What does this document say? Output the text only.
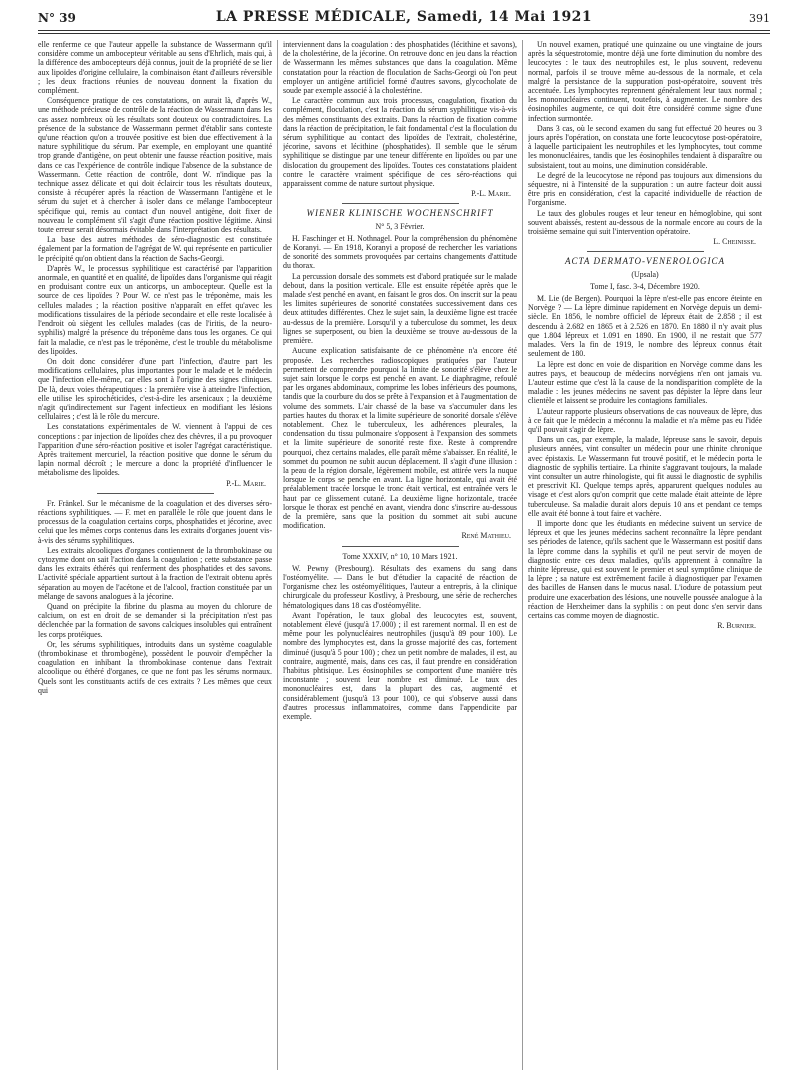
N° 39	LA PRESSE MÉDICALE, Samedi, 14 Mai 1921	391

elle renferme ce que l'auteur appelle la substance de Wassermann qu'il considère comme un ambocepteur véritable au sens d'Ehrlich, mais qui, à la différence des ambocepteurs déjà connus, jouit de la propriété de se lier aux lipoïdes d'origine cellulaire, la combinaison étant d'ailleurs réversible ; les deux fractions réunies de nouveau donnent la fixation du complément.

Conséquence pratique de ces constatations, on aurait là, d'après W., une méthode précieuse de contrôle de la réaction de Wassermann dans les cas assez nombreux où les résultats sont douteux ou contradictoires. La présence de la substance de Wassermann permet d'établir sans conteste qu'une réaction qu'on a trouvée positive est bien due effectivement à la nature syphilitique du sérum. Par exemple, en employant une quantité trop grande d'antigène, on peut obtenir une fausse réaction positive, mais dans ce cas l'expérience de contrôle indique l'absence de la substance de Wassermann. Cette réaction de contrôle, dont W. n'indique pas la technique assez délicate et qui doit éclaircir tous les résultats douteux, consiste à récupérer après la réaction de Wassermann l'antigène et le sérum du sujet et à chercher à isoler dans ce mélange l'ambocepteur spécifique qui, remis au contact d'un nouvel antigène, doit fixer de nouveau le complément s'il s'agit d'une réaction positive légitime. Ainsi toute erreur serait désormais évitable dans l'interprétation des résultats.

La base des autres méthodes de séro-diagnostic est constituée également par la formation de l'agrégat de W. qui représente en particulier le précipité qu'on obtient dans la réaction de Sachs-Georgi.

D'après W., le processus syphilitique est caractérisé par l'apparition anormale, en quantité et en qualité, de lipoïdes dans l'organisme qui réagit en produisant contre eux un anticorps, un ambocepteur. Quelle est la source de ces lipoïdes ? Pour W. ce n'est pas le tréponème, mais les cellules malades ; la réaction positive n'apparaît en effet qu'avec les modifications tissulaires de la période secondaire et elle reste localisée à l'endroit où siègent les cellules malades (cas de l'iritis, de la neuro-syphilis) malgré la présence du tréponème dans tous les organes. Ce qui fait la maladie, ce n'est pas le tréponème, c'est le trouble du métabolisme des lipoïdes.

On doit donc considérer d'une part l'infection, d'autre part les modifications cellulaires, plus importantes pour le malade et le médecin que l'infection elle-même, car elles sont à l'origine des signes cliniques. De là, deux voies thérapeutiques : la première vise à atteindre l'infection, elle utilise les spirochéticides, c'est-à-dire les arsenicaux ; la deuxième n'agit qu'indirectement sur l'agent infectieux en modifiant les lésions cellulaires ; c'est là le rôle du mercure.

Les constatations expérimentales de W. viennent à l'appui de ces conceptions : par injection de lipoïdes chez des chèvres, il a pu provoquer l'apparition d'une séro-réaction positive et isoler l'agrégat caractéristique. Après traitement mercuriel, la réaction positive que donne le sérum du lapin normal décroît ; le mercure a donc la propriété d'influencer le métabolisme des lipoïdes.

P.-L. Marie.

Fr. Fränkel. Sur le mécanisme de la coagulation et des diverses séro-réactions syphilitiques. — F. met en parallèle le rôle que jouent dans le processus de la coagulation certains corps, phosphatides et jécorine, avec celui que les mêmes corps contenus dans les extraits d'organes jouent vis-à-vis des sérums syphilitiques.

Les extraits alcooliques d'organes contiennent de la thrombokinase ou cytozyme dont on sait l'action dans la coagulation ; cette substance passe dans les extraits éthérés qui renferment des phosphatides et des savons. L'activité spéciale appartient surtout à la fraction de l'extrait obtenu après séparation au moyen de l'acétone et de l'alcool, fraction constituée par un mélange de savons analogues à la jécorine.

Quand on précipite la fibrine du plasma au moyen du chlorure de calcium, on est en droit de se demander si la précipitation n'est pas déclenchée par la formation de savons calciques insolubles qui entraînent les corps protéiques.

Or, les sérums syphilitiques, introduits dans un système coagulable (thrombokinase et thrombogène), possèdent le pouvoir d'empêcher la coagulation en inhibant la thrombokinase contenue dans l'extrait alcoolique ou éthéré d'organes, ce que ne font pas les sérums normaux. Quels sont les constituants actifs de ces extraits ? Les mêmes que ceux qui

interviennent dans la coagulation : des phosphatides (lécithine et savons), de la cholestérine, de la jécorine. On retrouve donc en jeu dans la réaction de Wassermann les mêmes substances que dans la coagulation. Même constatation pour la réaction de floculation de Sachs-Georgi où l'on peut employer un antigène artificiel formé d'autres savons, glycocholate de soude par exemple associé à la cholestérine.

Le caractère commun aux trois processus, coagulation, fixation du complément, floculation, c'est la réaction du sérum syphilitique vis-à-vis des mêmes constituants des extraits. Dans la réaction de fixation comme dans la réaction de précipitation, le fait fondamental c'est la floculation du sérum syphilitique au contact des lipoïdes de l'extrait, cholestérine, jécorine, savons et lécithine (phosphatides). Il semble que le sérum syphilitique se distingue par une teneur différente en lipoïdes ou par une dislocation du groupement des lipoïdes. Toutes ces constatations plaident contre le caractère vraiment spécifique de ces séro-réactions qui apparaissent comme de nature surtout physique.

P.-L. Marie.

WIENER KLINISCHE WOCHENSCHRIFT

N° 5, 3 Février.

H. Faschinger et H. Nothnagel. Pour la compréhension du phénomène de Koranyi. — En 1918, Koranyi a proposé de rechercher les variations de sonorité des sommets provoquées par certains changements d'attitude du thorax.

La percussion dorsale des sommets est d'abord pratiquée sur le malade debout, dans la position verticale. Elle est ensuite répétée après que le malade s'est penché en avant, en faisant le gros dos. On inscrit sur la peau les limites supérieures de sonorité constatées successivement dans ces deux attitudes différentes. Chez le sujet sain, la deuxième ligne est tracée au-dessus de la première. Lorsqu'il y a tuberculose du sommet, les deux lignes se superposent, ou bien la deuxième se trouve au-dessous de la première.

Aucune explication satisfaisante de ce phénomène n'a encore été proposée. Les recherches radioscopiques pratiquées par l'auteur permettent de comprendre pourquoi la limite de sonorité s'élève chez le sujet sain lorsque le corps est penché en avant. Le diaphragme, refoulé par les organes abdominaux, comprime les lobes inférieurs des poumons, tandis que la courbure du dos se prête à l'expansion et à l'augmentation de volume des sommets. L'air chassé de la base va s'accumuler dans les parties hautes du thorax et la limite supérieure de sonorité dorsale s'élève notablement. Chez le tuberculeux, les adhérences pleurales, la condensation du tissu pulmonaire s'opposent à l'expansion des sommets et la limite supérieure de sonorité reste fixe. Reste à comprendre pourquoi, chez certains malades, elle paraît même s'abaisser. En réalité, le sommet du poumon ne subit aucun déplacement. Il s'agit d'une illusion : la peau de la région dorsale, légèrement mobile, est attirée vers la nuque lorsque le corps se penche en avant. La ligne horizontale, qui avait été préalablement tracée lorsque le tronc était vertical, est entraînée vers le haut par ce glissement cutané. La deuxième ligne horizontale, tracée lorsque le thorax est penché en avant, viendra donc s'inscrire au-dessous de la première, sans que la position du sommet ait subi aucune modification.

René Mathieu.

Tome XXXIV, n° 10, 10 Mars 1921.

W. Pewny (Presbourg). Résultats des examens du sang dans l'ostéomyélite. — Dans le but d'étudier la capacité de réaction de l'organisme chez les ostéomyélitiques, l'auteur a entrepris, à la clinique chirurgicale du professeur Kostlivy, à Presbourg, une série de recherches hématologiques dans 18 cas d'ostéomyélite.

Avant l'opération, le taux global des leucocytes est, souvent, notablement élevé (jusqu'à 17.000) ; il est rarement normal. Il en est de même pour les polynucléaires neutrophiles (jusqu'à 89 pour 100). Le nombre des lymphocytes est, dans la grosse majorité des cas, fortement diminué (jusqu'à 5 pour 100) ; chez un petit nombre de malades, il est, au contraire, augmenté, mais, dans ces cas, il faut prendre en considération l'habitus phtisique. Les éosinophiles se comportent d'une manière très inconstante ; souvent leur nombre est diminué. Le taux des mononucléaires est, dans la plupart des cas, augmenté et considérablement (jusqu'à 13 pour 100), ce qui s'observe aussi dans d'autres processus inflammatoires, comme dans l'appendicite par exemple.

Un nouvel examen, pratiqué une quinzaine ou une vingtaine de jours après la séquestrotomie, montre déjà une forte diminution du nombre des leucocytes : le taux des neutrophiles est, le plus souvent, redevenu normal, parfois il se trouve même au-dessous de la normale, et cela malgré la persistance de la suppuration post-opératoire, souvent très accentuée. Les lymphocytes reprennent généralement leur taux normal ; les mononucléaires continuent, toutefois, à augmenter. Le nombre des éosinophiles augmente, ce qui doit être considéré comme signe d'une infection surmontée.

Dans 3 cas, où le second examen du sang fut effectué 20 heures ou 3 jours après l'opération, on constata une forte leucocytose post-opératoire, à laquelle participaient les neutrophiles et les lymphocytes, tout comme les mononucléaires, tandis que les éosinophiles tendaient à disparaître ou subsistaient, tout au moins, une diminution considérable.

Le degré de la leucocytose ne répond pas toujours aux dimensions du séquestre, ni à l'intensité de la suppuration : un autre facteur doit aussi être pris en considération, c'est la capacité individuelle de réaction de l'organisme.

Le taux des globules rouges et leur teneur en hémoglobine, qui sont souvent abaissés, restent au-dessous de la normale encore au cours de la troisième semaine qui suit l'intervention opératoire.

L. Cheinisse.

ACTA DERMATO-VENEROLOGICA

(Upsala)

Tome I, fasc. 3-4, Décembre 1920.

M. Lie (de Bergen). Pourquoi la lèpre n'est-elle pas encore éteinte en Norvège ? — La lèpre diminue rapidement en Norvège depuis un demi-siècle. En 1856, le nombre officiel de lépreux était de 2.858 ; il est descendu à 2.682 en 1865 et à 2.526 en 1870. En 1880 il n'y avait plus que 1.804 lépreux et 1.091 en 1890. En 1900, il ne restait que 577 malades. Vers la fin de 1919, le nombre des lépreux connus était seulement de 180.

La lèpre est donc en voie de disparition en Norvège comme dans les autres pays, et beaucoup de médecins norvégiens n'en ont jamais vu. L'auteur estime que c'est là la cause de la nondisparition complète de la maladie : les jeunes médecins ne savent pas dépister la lèpre dans leur clientèle et laissent se produire les contagions familiales.

L'auteur rapporte plusieurs observations de cas nouveaux de lèpre, dus à ce fait que le médecin a méconnu la maladie et n'a même pas eu l'idée qu'il pouvait s'agir de lèpre.

Dans un cas, par exemple, la malade, lépreuse sans le savoir, depuis plusieurs années, vint consulter un médecin pour une rhinite chronique avec épistaxis. Le Wassermann fut trouvé positif, et le médecin porta le diagnostic de syphilis tertiaire. La rhinite s'aggravant toujours, la malade vint consulter un autre rhinologiste, qui fit aussi le diagnostic de syphilis et prescrivit KI. Quelque temps après, apparurent quelques nodules au visage et c'est alors qu'on comprit que cette malade était atteinte de lèpre tuberculeuse. Sa maladie durait alors depuis 10 ans et pendant ce temps elle avait été bonne à tout faire et vachère.

Il importe donc que les étudiants en médecine suivent un service de lépreux et que les jeunes médecins sachent reconnaître la lèpre pendant ses périodes de latence, qu'ils sachent que le Wassermann est positif dans la lèpre comme dans la syphilis et qu'il ne peut servir de moyen de diagnostic entre ces deux maladies, qu'ils apprennent à connaître la rhinite lépreuse, qui est souvent le premier et seul symptôme clinique de la lèpre ; sa nature est extrêmement facile à diagnostiquer par l'examen des bacilles de Hansen dans le mucus nasal. L'iodure de potassium peut produire une exacerbation des lésions, une nouvelle poussée analogue à la réaction de Herxheimer dans la syphilis : on peut donc s'en servir dans certains cas comme moyen de diagnostic.

R. Burnier.
